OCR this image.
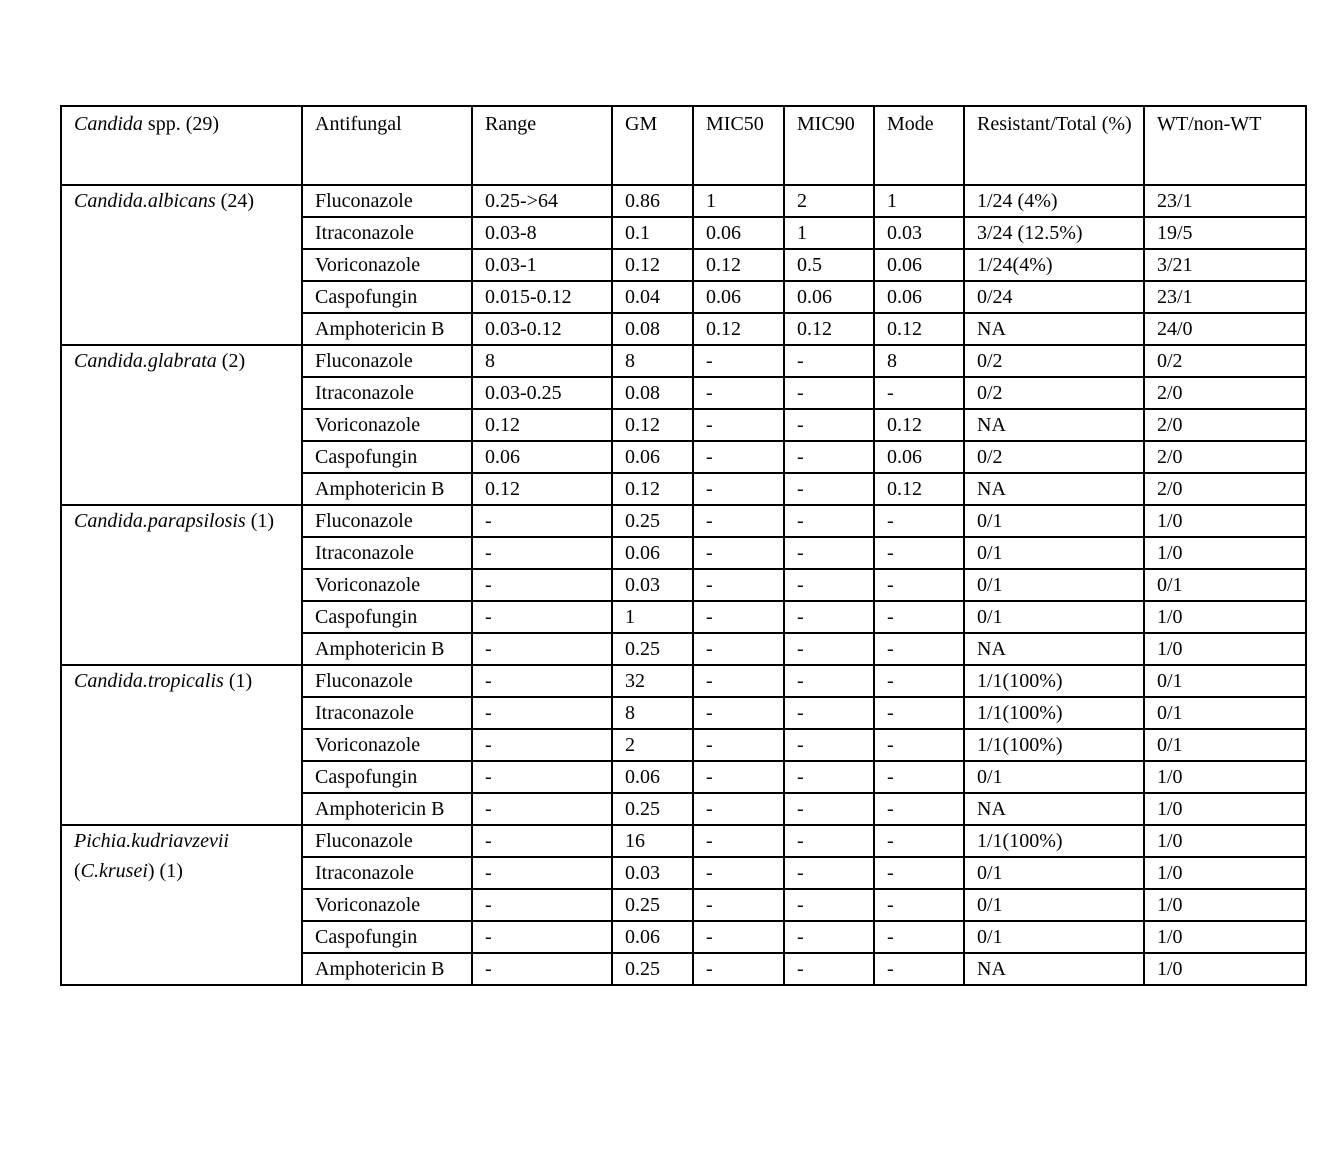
Candida spp. (29)	Antifungal	Range	GM	MIC50	MIC90	Mode	Resistant/Total (%)	WT/non-WT
Candida.albicans (24)	Fluconazole	0.25->64	0.86	1	2	1	1/24 (4%)	23/1
	Itraconazole	0.03-8	0.1	0.06	1	0.03	3/24 (12.5%)	19/5
	Voriconazole	0.03-1	0.12	0.12	0.5	0.06	1/24(4%)	3/21
	Caspofungin	0.015-0.12	0.04	0.06	0.06	0.06	0/24	23/1
	Amphotericin B	0.03-0.12	0.08	0.12	0.12	0.12	NA	24/0
Candida.glabrata (2)	Fluconazole	8	8	-	-	8	0/2	0/2
	Itraconazole	0.03-0.25	0.08	-	-	-	0/2	2/0
	Voriconazole	0.12	0.12	-	-	0.12	NA	2/0
	Caspofungin	0.06	0.06	-	-	0.06	0/2	2/0
	Amphotericin B	0.12	0.12	-	-	0.12	NA	2/0
Candida.parapsilosis (1)	Fluconazole	-	0.25	-	-	-	0/1	1/0
	Itraconazole	-	0.06	-	-	-	0/1	1/0
	Voriconazole	-	0.03	-	-	-	0/1	0/1
	Caspofungin	-	1	-	-	-	0/1	1/0
	Amphotericin B	-	0.25	-	-	-	NA	1/0
Candida.tropicalis (1)	Fluconazole	-	32	-	-	-	1/1(100%)	0/1
	Itraconazole	-	8	-	-	-	1/1(100%)	0/1
	Voriconazole	-	2	-	-	-	1/1(100%)	0/1
	Caspofungin	-	0.06	-	-	-	0/1	1/0
	Amphotericin B	-	0.25	-	-	-	NA	1/0
Pichia.kudriavzevii (C.krusei) (1)	Fluconazole	-	16	-	-	-	1/1(100%)	1/0
	Itraconazole	-	0.03	-	-	-	0/1	1/0
	Voriconazole	-	0.25	-	-	-	0/1	1/0
	Caspofungin	-	0.06	-	-	-	0/1	1/0
	Amphotericin B	-	0.25	-	-	-	NA	1/0
